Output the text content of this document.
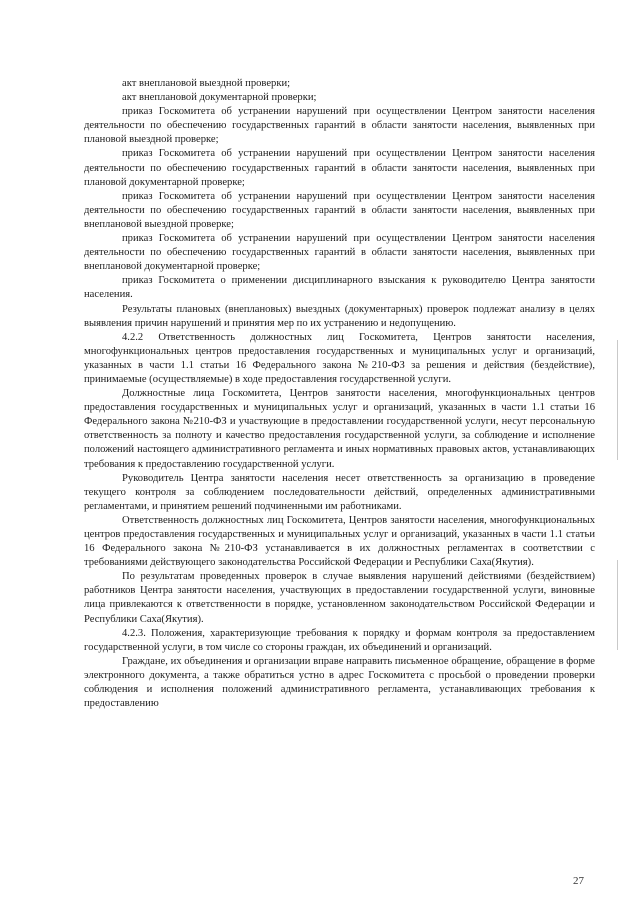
акт внеплановой выездной проверки;

акт внеплановой документарной проверки;

приказ Госкомитета об устранении нарушений при осуществлении Центром занятости населения деятельности по обеспечению государственных гарантий в области занятости населения, выявленных при плановой выездной проверке;

приказ Госкомитета об устранении нарушений при осуществлении Центром занятости населения деятельности по обеспечению государственных гарантий в области занятости населения, выявленных при плановой документарной проверке;

приказ Госкомитета об устранении нарушений при осуществлении Центром занятости населения деятельности по обеспечению государственных гарантий в области занятости населения, выявленных при внеплановой выездной проверке;

приказ Госкомитета об устранении нарушений при осуществлении Центром занятости населения деятельности по обеспечению государственных гарантий в области занятости населения, выявленных при внеплановой документарной проверке;

приказ Госкомитета о применении дисциплинарного взыскания к руководителю Центра занятости населения.

Результаты плановых (внеплановых) выездных (документарных) проверок подлежат анализу в целях выявления причин нарушений и принятия мер по их устранению и недопущению.

4.2.2 Ответственность должностных лиц Госкомитета, Центров занятости населения, многофункциональных центров предоставления государственных и муниципальных услуг и организаций, указанных в части 1.1 статьи 16 Федерального закона №210-ФЗ за решения и действия (бездействие), принимаемые (осуществляемые) в ходе предоставления государственной услуги.

Должностные лица Госкомитета, Центров занятости населения, многофункциональных центров предоставления государственных и муниципальных услуг и организаций, указанных в части 1.1 статьи 16 Федерального закона №210-ФЗ и участвующие в предоставлении государственной услуги, несут персональную ответственность за полноту и качество предоставления государственной услуги, за соблюдение и исполнение положений настоящего административного регламента и иных нормативных правовых актов, устанавливающих требования к предоставлению государственной услуги.

Руководитель Центра занятости населения несет ответственность за организацию в проведение текущего контроля за соблюдением последовательности действий, определенных административными регламентами, и принятием решений подчиненными им работниками.

Ответственность должностных лиц Госкомитета, Центров занятости населения, многофункциональных центров предоставления государственных и муниципальных услуг и организаций, указанных в части 1.1 статьи 16 Федерального закона №210-ФЗ устанавливается в их должностных регламентах в соответствии с требованиями действующего законодательства Российской Федерации и Республики Саха(Якутия).

По результатам проведенных проверок в случае выявления нарушений действиями (бездействием) работников Центра занятости населения, участвующих в предоставлении государственной услуги, виновные лица привлекаются к ответственности в порядке, установленном законодательством Российской Федерации и Республики Саха(Якутия).

4.2.3. Положения, характеризующие требования к порядку и формам контроля за предоставлением государственной услуги, в том числе со стороны граждан, их объединений и организаций.

Граждане, их объединения и организации вправе направить письменное обращение, обращение в форме электронного документа, а также обратиться устно в адрес Госкомитета с просьбой о проведении проверки соблюдения и исполнения положений административного регламента, устанавливающих требования к предоставлению

27
